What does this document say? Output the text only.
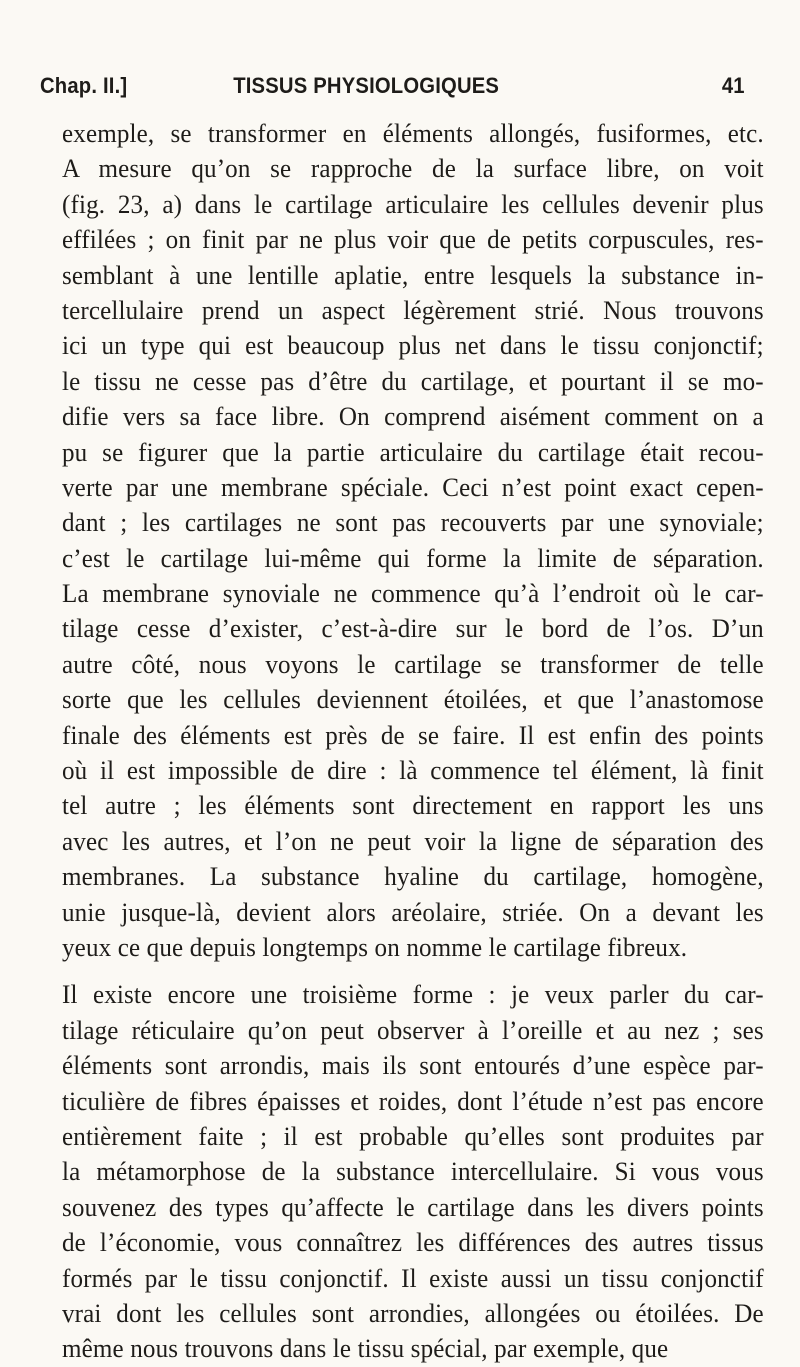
Chap. II.]	TISSUS PHYSIOLOGIQUES	41
exemple, se transformer en éléments allongés, fusiformes, etc.
A mesure qu’on se rapproche de la surface libre, on voit
(fig. 23, a) dans le cartilage articulaire les cellules devenir plus
effilées ; on finit par ne plus voir que de petits corpuscules, res-
semblant à une lentille aplatie, entre lesquels la substance in-
tercellulaire prend un aspect légèrement strié. Nous trouvons
ici un type qui est beaucoup plus net dans le tissu conjonctif;
le tissu ne cesse pas d’être du cartilage, et pourtant il se mo-
difie vers sa face libre. On comprend aisément comment on a
pu se figurer que la partie articulaire du cartilage était recou-
verte par une membrane spéciale. Ceci n’est point exact cepen-
dant ; les cartilages ne sont pas recouverts par une synoviale;
c’est le cartilage lui-même qui forme la limite de séparation.
La membrane synoviale ne commence qu’à l’endroit où le car-
tilage cesse d’exister, c’est-à-dire sur le bord de l’os. D’un
autre côté, nous voyons le cartilage se transformer de telle
sorte que les cellules deviennent étoilées, et que l’anastomose
finale des éléments est près de se faire. Il est enfin des points
où il est impossible de dire : là commence tel élément, là finit
tel autre ; les éléments sont directement en rapport les uns
avec les autres, et l’on ne peut voir la ligne de séparation des
membranes. La substance hyaline du cartilage, homogène,
unie jusque-là, devient alors aréolaire, striée. On a devant les
yeux ce que depuis longtemps on nomme le cartilage fibreux.
Il existe encore une troisième forme : je veux parler du car-
tilage réticulaire qu’on peut observer à l’oreille et au nez ; ses
éléments sont arrondis, mais ils sont entourés d’une espèce par-
ticulière de fibres épaisses et roides, dont l’étude n’est pas encore
entièrement faite ; il est probable qu’elles sont produites par
la métamorphose de la substance intercellulaire. Si vous vous
souvenez des types qu’affecte le cartilage dans les divers points
de l’économie, vous connaîtrez les différences des autres tissus
formés par le tissu conjonctif. Il existe aussi un tissu conjonctif
vrai dont les cellules sont arrondies, allongées ou étoilées. De
même nous trouvons dans le tissu spécial, par exemple, que
